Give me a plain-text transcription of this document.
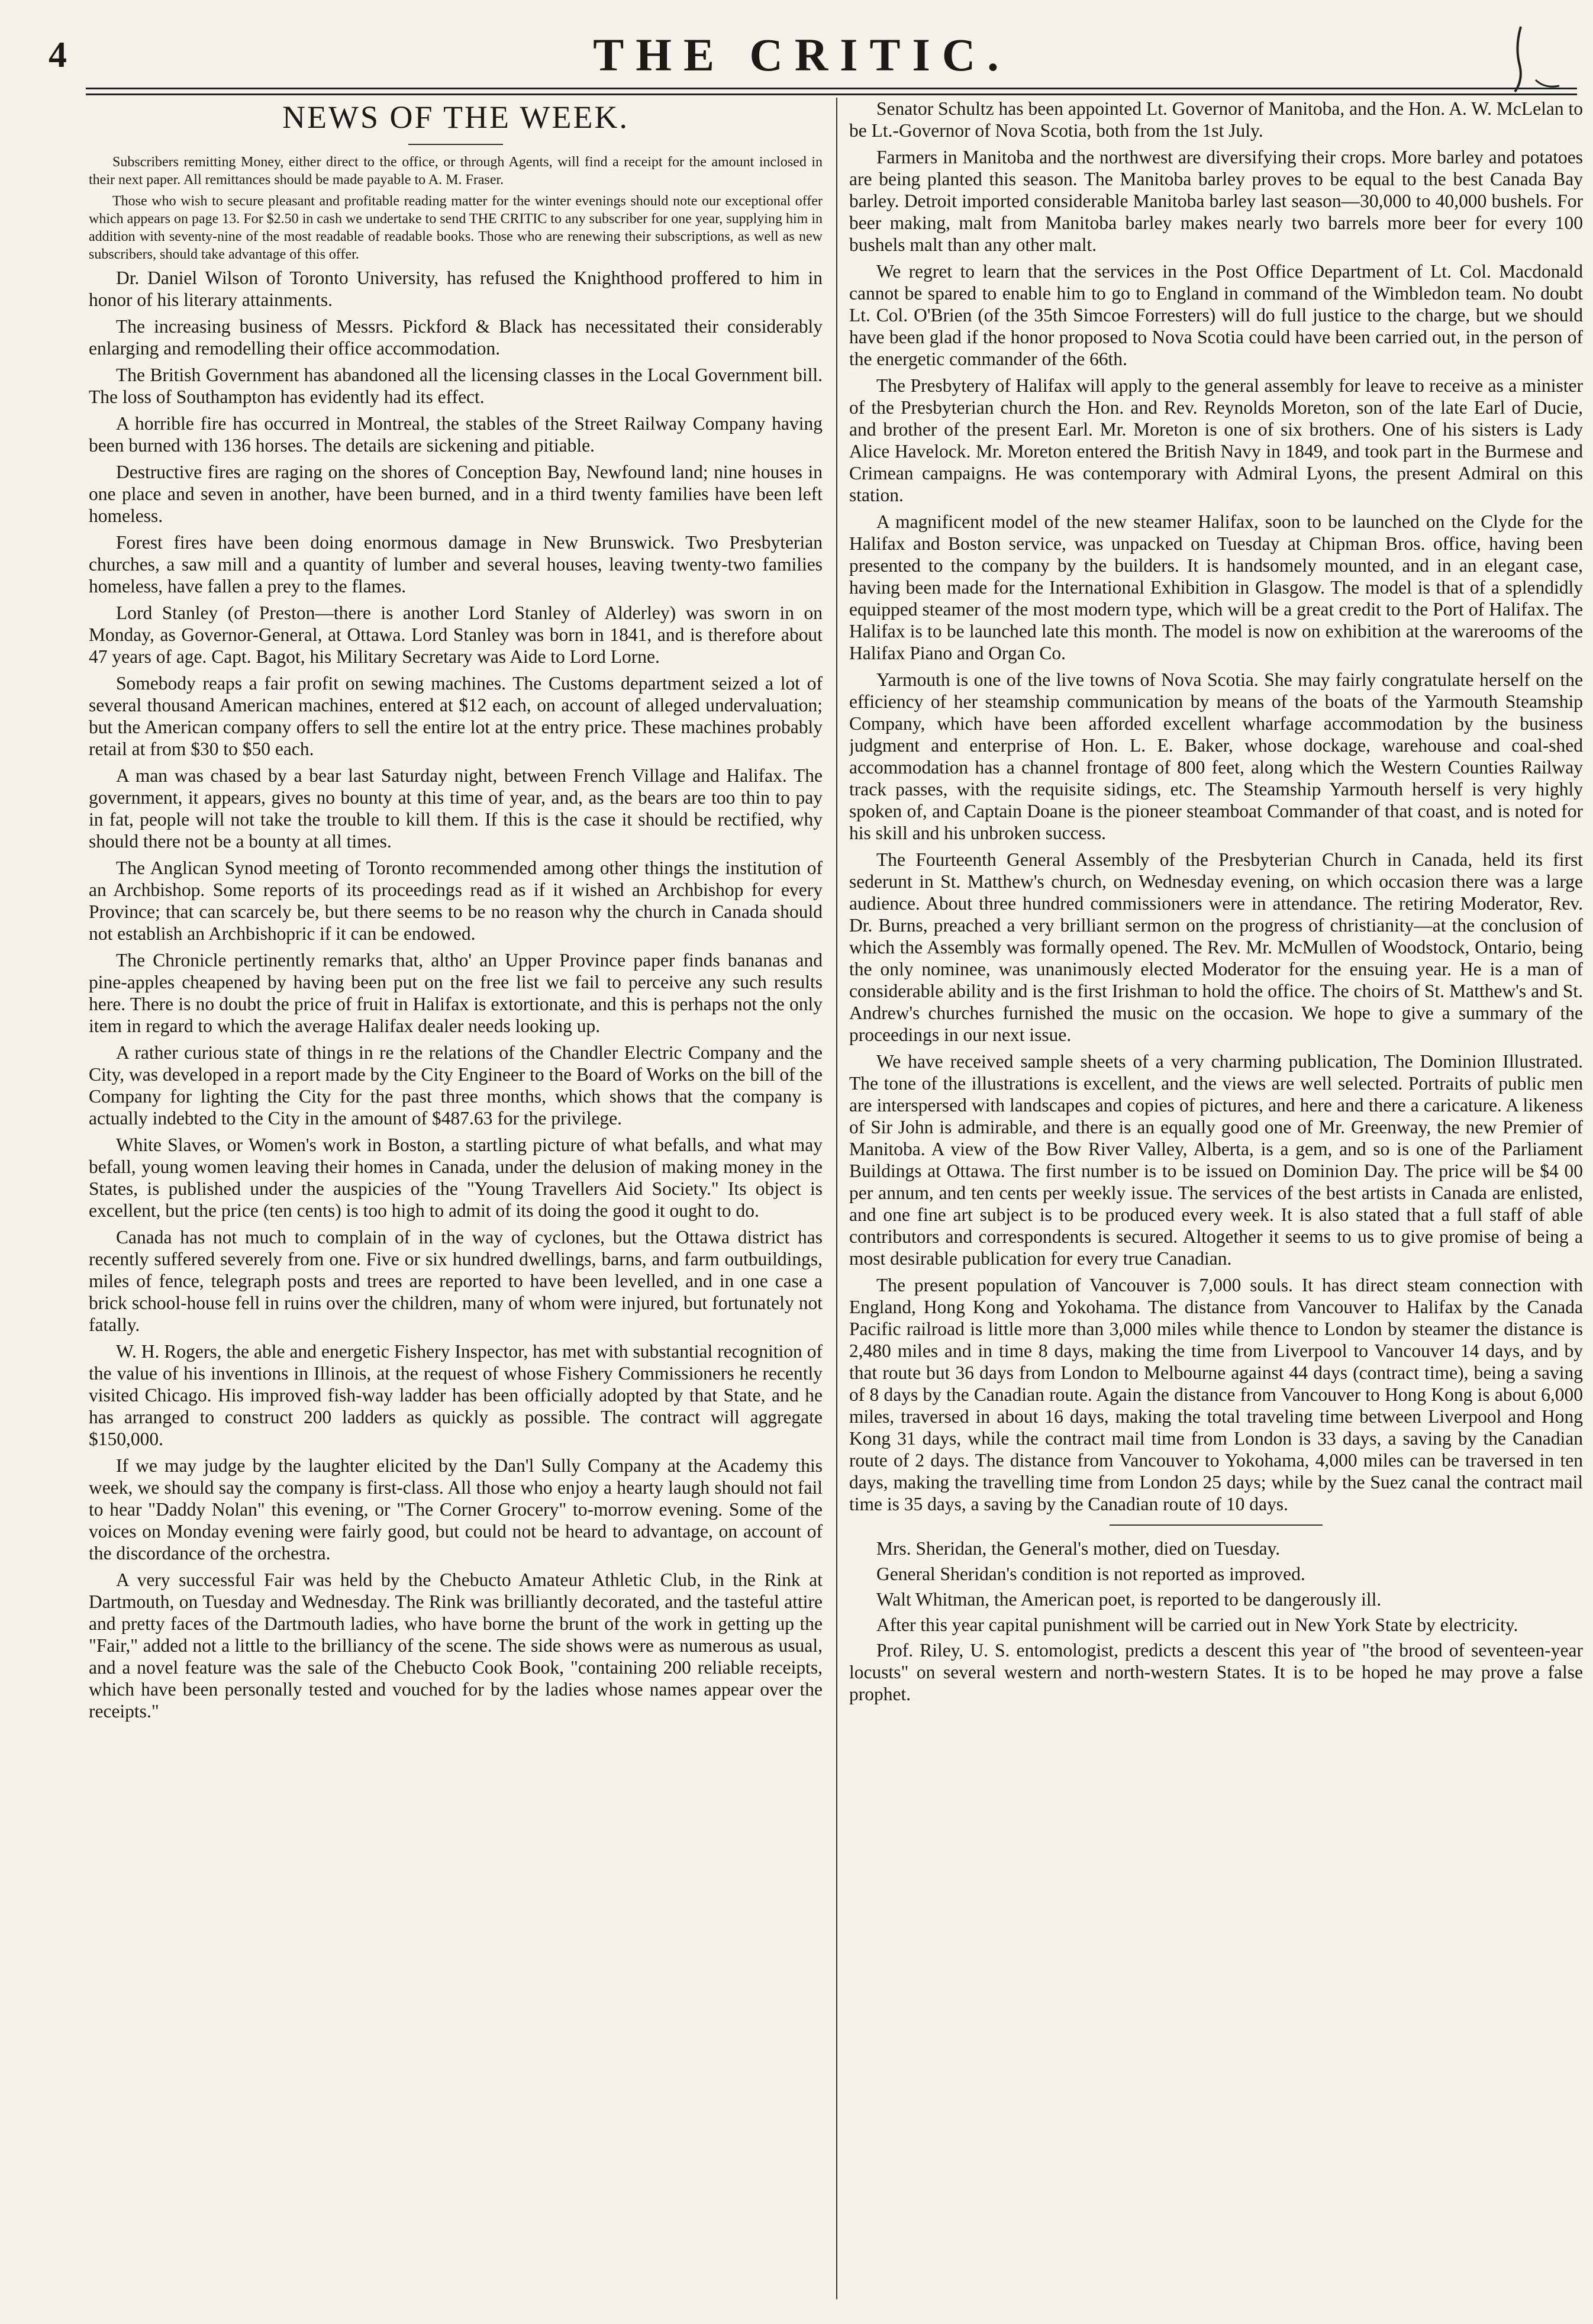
4	THE CRITIC.
NEWS OF THE WEEK.

Subscribers remitting Money, either direct to the office, or through Agents, will find a receipt for the amount inclosed in their next paper. All remittances should be made payable to A. M. Fraser.

Those who wish to secure pleasant and profitable reading matter for the winter evenings should note our exceptional offer which appears on page 13. For $2.50 in cash we undertake to send THE CRITIC to any subscriber for one year, supplying him in addition with seventy-nine of the most readable of readable books. Those who are renewing their subscriptions, as well as new subscribers, should take advantage of this offer.

Dr. Daniel Wilson of Toronto University, has refused the Knighthood proffered to him in honor of his literary attainments.

The increasing business of Messrs. Pickford & Black has necessitated their considerably enlarging and remodelling their office accommodation.

The British Government has abandoned all the licensing classes in the Local Government bill. The loss of Southampton has evidently had its effect.

A horrible fire has occurred in Montreal, the stables of the Street Railway Company having been burned with 136 horses. The details are sickening and pitiable.

Destructive fires are raging on the shores of Conception Bay, Newfound land; nine houses in one place and seven in another, have been burned, and in a third twenty families have been left homeless.

Forest fires have been doing enormous damage in New Brunswick. Two Presbyterian churches, a saw mill and a quantity of lumber and several houses, leaving twenty-two families homeless, have fallen a prey to the flames.

Lord Stanley (of Preston—there is another Lord Stanley of Alderley) was sworn in on Monday, as Governor-General, at Ottawa. Lord Stanley was born in 1841, and is therefore about 47 years of age. Capt. Bagot, his Military Secretary was Aide to Lord Lorne.

Somebody reaps a fair profit on sewing machines. The Customs department seized a lot of several thousand American machines, entered at $12 each, on account of alleged undervaluation; but the American company offers to sell the entire lot at the entry price. These machines probably retail at from $30 to $50 each.

A man was chased by a bear last Saturday night, between French Village and Halifax. The government, it appears, gives no bounty at this time of year, and, as the bears are too thin to pay in fat, people will not take the trouble to kill them. If this is the case it should be rectified, why should there not be a bounty at all times.

The Anglican Synod meeting of Toronto recommended among other things the institution of an Archbishop. Some reports of its proceedings read as if it wished an Archbishop for every Province; that can scarcely be, but there seems to be no reason why the church in Canada should not establish an Archbishopric if it can be endowed.

The Chronicle pertinently remarks that, altho' an Upper Province paper finds bananas and pine-apples cheapened by having been put on the free list we fail to perceive any such results here. There is no doubt the price of fruit in Halifax is extortionate, and this is perhaps not the only item in regard to which the average Halifax dealer needs looking up.

A rather curious state of things in re the relations of the Chandler Electric Company and the City, was developed in a report made by the City Engineer to the Board of Works on the bill of the Company for lighting the City for the past three months, which shows that the company is actually indebted to the City in the amount of $487.63 for the privilege.

White Slaves, or Women's work in Boston, a startling picture of what befalls, and what may befall, young women leaving their homes in Canada, under the delusion of making money in the States, is published under the auspicies of the "Young Travellers Aid Society." Its object is excellent, but the price (ten cents) is too high to admit of its doing the good it ought to do.

Canada has not much to complain of in the way of cyclones, but the Ottawa district has recently suffered severely from one. Five or six hundred dwellings, barns, and farm outbuildings, miles of fence, telegraph posts and trees are reported to have been levelled, and in one case a brick school-house fell in ruins over the children, many of whom were injured, but fortunately not fatally.

W. H. Rogers, the able and energetic Fishery Inspector, has met with substantial recognition of the value of his inventions in Illinois, at the request of whose Fishery Commissioners he recently visited Chicago. His improved fish-way ladder has been officially adopted by that State, and he has arranged to construct 200 ladders as quickly as possible. The contract will aggregate $150,000.

If we may judge by the laughter elicited by the Dan'l Sully Company at the Academy this week, we should say the company is first-class. All those who enjoy a hearty laugh should not fail to hear "Daddy Nolan" this evening, or "The Corner Grocery" to-morrow evening. Some of the voices on Monday evening were fairly good, but could not be heard to advantage, on account of the discordance of the orchestra.

A very successful Fair was held by the Chebucto Amateur Athletic Club, in the Rink at Dartmouth, on Tuesday and Wednesday. The Rink was brilliantly decorated, and the tasteful attire and pretty faces of the Dartmouth ladies, who have borne the brunt of the work in getting up the "Fair," added not a little to the brilliancy of the scene. The side shows were as numerous as usual, and a novel feature was the sale of the Chebucto Cook Book, "containing 200 reliable receipts, which have been personally tested and vouched for by the ladies whose names appear over the receipts."

Senator Schultz has been appointed Lt. Governor of Manitoba, and the Hon. A. W. McLelan to be Lt.-Governor of Nova Scotia, both from the 1st July.

Farmers in Manitoba and the northwest are diversifying their crops. More barley and potatoes are being planted this season. The Manitoba barley proves to be equal to the best Canada Bay barley. Detroit imported considerable Manitoba barley last season—30,000 to 40,000 bushels. For beer making, malt from Manitoba barley makes nearly two barrels more beer for every 100 bushels malt than any other malt.

We regret to learn that the services in the Post Office Department of Lt. Col. Macdonald cannot be spared to enable him to go to England in command of the Wimbledon team. No doubt Lt. Col. O'Brien (of the 35th Simcoe Forresters) will do full justice to the charge, but we should have been glad if the honor proposed to Nova Scotia could have been carried out, in the person of the energetic commander of the 66th.

The Presbytery of Halifax will apply to the general assembly for leave to receive as a minister of the Presbyterian church the Hon. and Rev. Reynolds Moreton, son of the late Earl of Ducie, and brother of the present Earl. Mr. Moreton is one of six brothers. One of his sisters is Lady Alice Havelock. Mr. Moreton entered the British Navy in 1849, and took part in the Burmese and Crimean campaigns. He was contemporary with Admiral Lyons, the present Admiral on this station.

A magnificent model of the new steamer Halifax, soon to be launched on the Clyde for the Halifax and Boston service, was unpacked on Tuesday at Chipman Bros. office, having been presented to the company by the builders. It is handsomely mounted, and in an elegant case, having been made for the International Exhibition in Glasgow. The model is that of a splendidly equipped steamer of the most modern type, which will be a great credit to the Port of Halifax. The Halifax is to be launched late this month. The model is now on exhibition at the warerooms of the Halifax Piano and Organ Co.

Yarmouth is one of the live towns of Nova Scotia. She may fairly congratulate herself on the efficiency of her steamship communication by means of the boats of the Yarmouth Steamship Company, which have been afforded excellent wharfage accommodation by the business judgment and enterprise of Hon. L. E. Baker, whose dockage, warehouse and coal-shed accommodation has a channel frontage of 800 feet, along which the Western Counties Railway track passes, with the requisite sidings, etc. The Steamship Yarmouth herself is very highly spoken of, and Captain Doane is the pioneer steamboat Commander of that coast, and is noted for his skill and his unbroken success.

The Fourteenth General Assembly of the Presbyterian Church in Canada, held its first sederunt in St. Matthew's church, on Wednesday evening, on which occasion there was a large audience. About three hundred commissioners were in attendance. The retiring Moderator, Rev. Dr. Burns, preached a very brilliant sermon on the progress of christianity—at the conclusion of which the Assembly was formally opened. The Rev. Mr. McMullen of Woodstock, Ontario, being the only nominee, was unanimously elected Moderator for the ensuing year. He is a man of considerable ability and is the first Irishman to hold the office. The choirs of St. Matthew's and St. Andrew's churches furnished the music on the occasion. We hope to give a summary of the proceedings in our next issue.

We have received sample sheets of a very charming publication, The Dominion Illustrated. The tone of the illustrations is excellent, and the views are well selected. Portraits of public men are interspersed with landscapes and copies of pictures, and here and there a caricature. A likeness of Sir John is admirable, and there is an equally good one of Mr. Greenway, the new Premier of Manitoba. A view of the Bow River Valley, Alberta, is a gem, and so is one of the Parliament Buildings at Ottawa. The first number is to be issued on Dominion Day. The price will be $4 00 per annum, and ten cents per weekly issue. The services of the best artists in Canada are enlisted, and one fine art subject is to be produced every week. It is also stated that a full staff of able contributors and correspondents is secured. Altogether it seems to us to give promise of being a most desirable publication for every true Canadian.

The present population of Vancouver is 7,000 souls. It has direct steam connection with England, Hong Kong and Yokohama. The distance from Vancouver to Halifax by the Canada Pacific railroad is little more than 3,000 miles while thence to London by steamer the distance is 2,480 miles and in time 8 days, making the time from Liverpool to Vancouver 14 days, and by that route but 36 days from London to Melbourne against 44 days (contract time), being a saving of 8 days by the Canadian route. Again the distance from Vancouver to Hong Kong is about 6,000 miles, traversed in about 16 days, making the total traveling time between Liverpool and Hong Kong 31 days, while the contract mail time from London is 33 days, a saving by the Canadian route of 2 days. The distance from Vancouver to Yokohama, 4,000 miles can be traversed in ten days, making the travelling time from London 25 days; while by the Suez canal the contract mail time is 35 days, a saving by the Canadian route of 10 days.

Mrs. Sheridan, the General's mother, died on Tuesday.

General Sheridan's condition is not reported as improved.

Walt Whitman, the American poet, is reported to be dangerously ill.

After this year capital punishment will be carried out in New York State by electricity.

Prof. Riley, U. S. entomologist, predicts a descent this year of "the brood of seventeen-year locusts" on several western and north-western States. It is to be hoped he may prove a false prophet.
